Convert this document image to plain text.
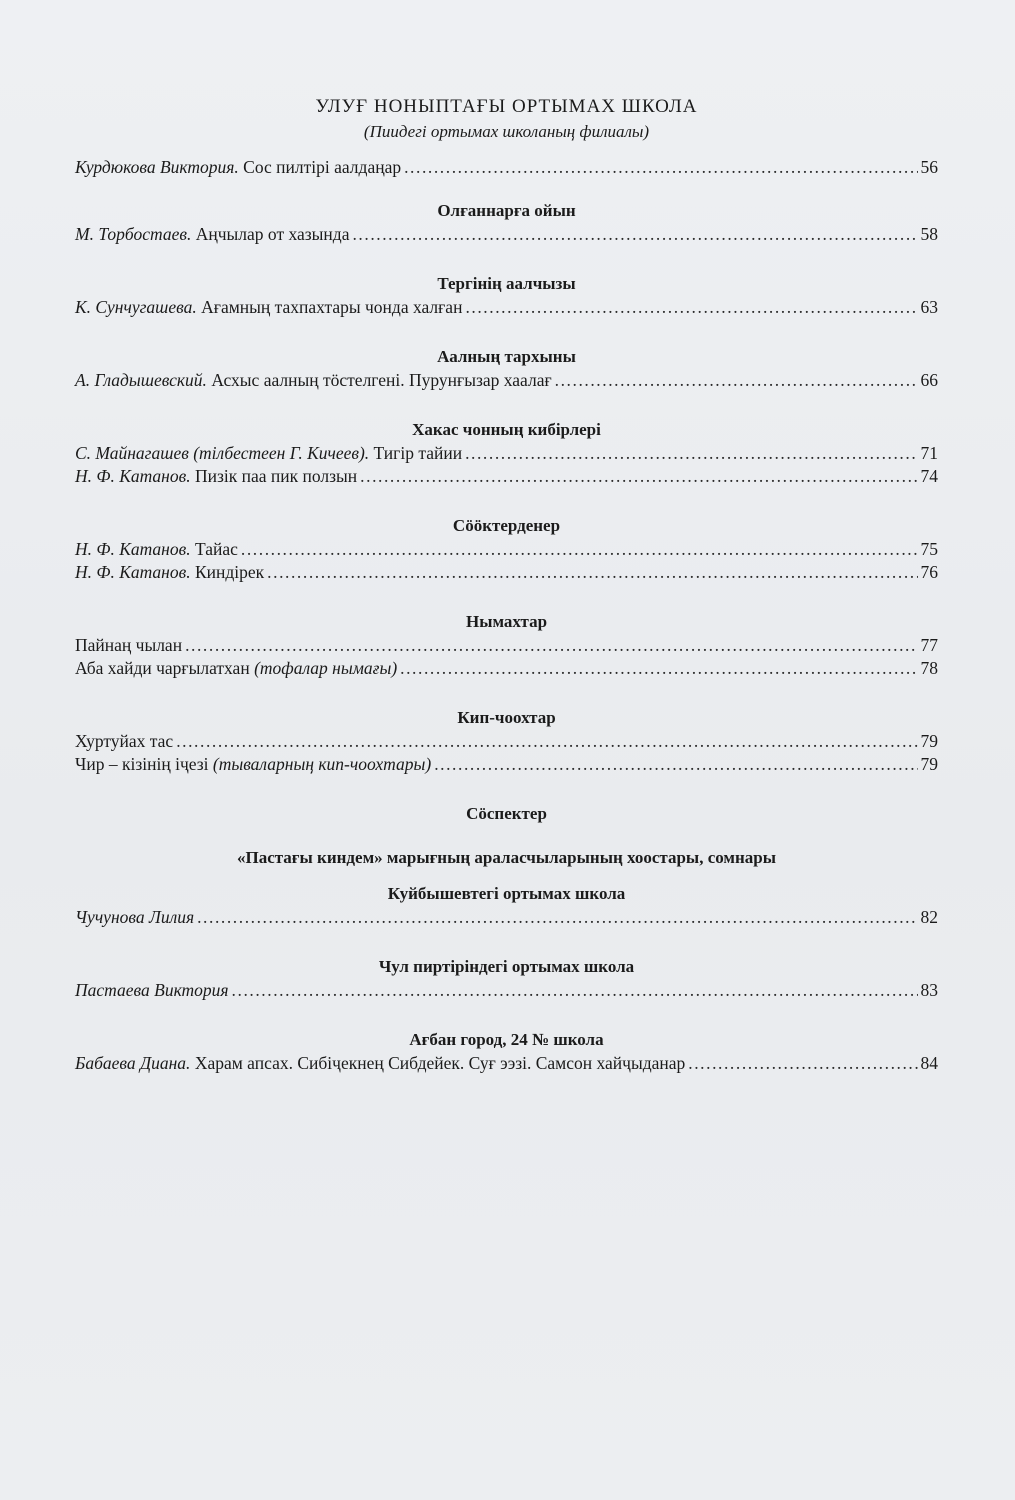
УЛУҒ НОНЫПТАҒЫ ОРТЫМАХ ШКОЛА

(Пиидегі ортымах школаның филиалы)

Курдюкова Виктория. Сос пилтірі аалдаңар . . .	56
Олғаннарға ойын
М. Торбостаев. Аңчылар от хазында . . .	58
Тергінің аалчызы
К. Сунчугашева. Ағамның тахпахтары чонда халған . . .	63
Аалның тархыны
А. Гладышевский. Асхыс аалның тӧстелгені. Пурунғызар хаалағ . . .	66
Хакас чонның кибірлері
С. Майнагашев (тілбестеен Г. Кичеев). Тигір тайии . . .	71
Н. Ф. Катанов. Пизік паа пик ползын . . .	74
Сӧӧктерденер
Н. Ф. Катанов. Тайас . . .	75
Н. Ф. Катанов. Киндірек . . .	76
Нымахтар
Пайнаң чылан . . .	77
Аба хайди чарғылатхан (тофалар нымағы) . . .	78
Кип-чоохтар
Хуртуйах тас . . .	79
Чир – кізінің іҷезі (тываларның кип-чоохтары) . . .	79
Сӧспектер
«Пастағы киндем» марығның араласчыларының хоостары, сомнары
Куйбышевтегі ортымах школа
Чучунова Лилия . . .	82
Чул пиртіріндегі ортымах школа
Пастаева Виктория . . .	83
Ағбан город, 24 № школа
Бабаева Диана. Харам апсах. Сибіҷекнең Сибдейек. Суғ ээзі. Самсон хайҷыданар . . .	84
